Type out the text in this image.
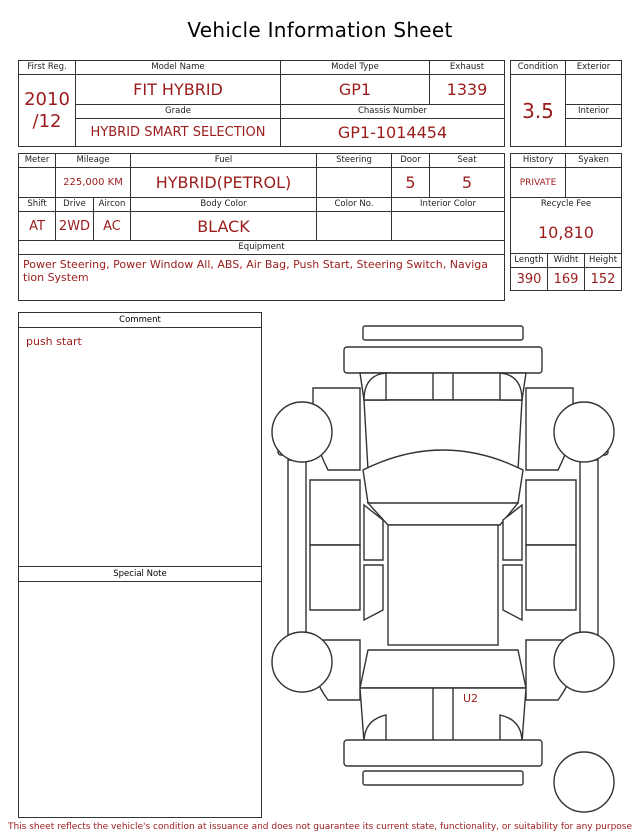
Vehicle Information Sheet
First Reg.	Model Name	Model Type	Exhaust

2010
/12	FIT HYBRID	GP1	1339
	Grade	Chassis Number	
	HYBRID SMART SELECTION	GP1-1014454	
Condition	Exterior
3.5	
	Interior

Meter	Mileage		Fuel	Steering	Door	Seat
	225,000 KM		HYBRID(PETROL)		5	5
Shift	Drive	Aircon	Body Color	Color No.	Interior Color	
AT	2WD	AC	BLACK			
Equipment						
Power Steering, Power Window All, ABS, Air Bag, Push Start, Steering Switch, Naviga tion System						
History		Syaken	
PRIVATE			
Recycle Fee			
10,810			
Length	Widht		Height
390	169		152
Comment
push start
Special Note
U2
This sheet reflects the vehicle's condition at issuance and does not guarantee its current state, functionality, or suitability for any purpose
